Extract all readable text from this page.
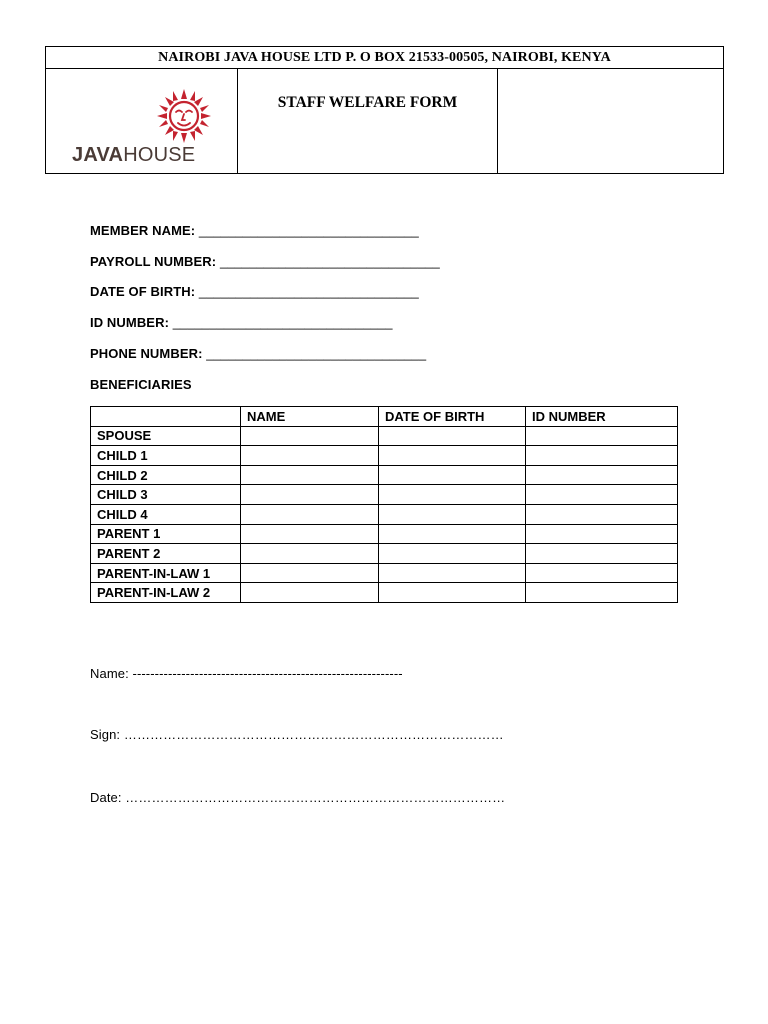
NAIROBI JAVA HOUSE LTD P. O BOX 21533-00505, NAIROBI, KENYA

JAVAHOUSE
	STAFF WELFARE FORM	
MEMBER NAME: ______________________________
PAYROLL NUMBER: ______________________________
DATE OF BIRTH: ______________________________
ID NUMBER: ______________________________
PHONE NUMBER: ______________________________
BENEFICIARIES
	NAME	DATE OF BIRTH	ID NUMBER
SPOUSE			
CHILD 1			
CHILD 2			
CHILD 3			
CHILD 4			
PARENT 1			
PARENT 2			
PARENT-IN-LAW 1			
PARENT-IN-LAW 2			
Name: -------------------------------------------------------------
Sign: ……………………………………………………………………………
Date: ……………………………………………………………………………
